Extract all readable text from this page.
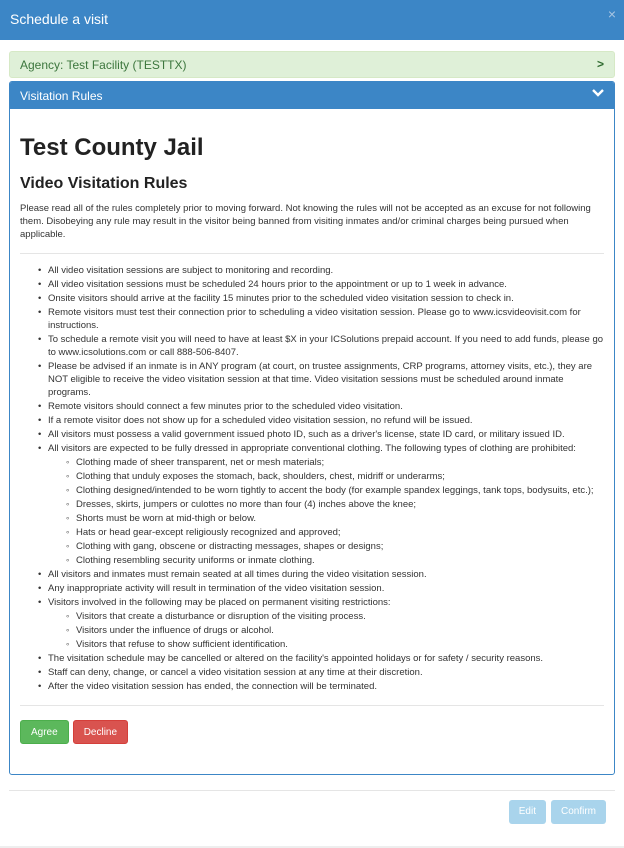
Schedule a visit	×
Agency: Test Facility (TESTTX)	>
Visitation Rules
Test County Jail
Video Visitation Rules

Please read all of the rules completely prior to moving forward. Not knowing the rules will not be accepted as an excuse for not following them. Disobeying any rule may result in the visitor being banned from visiting inmates and/or criminal charges being pursued when applicable.

• All video visitation sessions are subject to monitoring and recording.
• All video visitation sessions must be scheduled 24 hours prior to the appointment or up to 1 week in advance.
• Onsite visitors should arrive at the facility 15 minutes prior to the scheduled video visitation session to check in.
• Remote visitors must test their connection prior to scheduling a video visitation session. Please go to www.icsvideovisit.com for instructions.
• To schedule a remote visit you will need to have at least $X in your ICSolutions prepaid account. If you need to add funds, please go to www.icsolutions.com or call 888-506-8407.
• Please be advised if an inmate is in ANY program (at court, on trustee assignments, CRP programs, attorney visits, etc.), they are NOT eligible to receive the video visitation session at that time. Video visitation sessions must be scheduled around inmate programs.
• Remote visitors should connect a few minutes prior to the scheduled video visitation.
• If a remote visitor does not show up for a scheduled video visitation session, no refund will be issued.
• All visitors must possess a valid government issued photo ID, such as a driver's license, state ID card, or military issued ID.
• All visitors are expected to be fully dressed in appropriate conventional clothing. The following types of clothing are prohibited:
◦ Clothing made of sheer transparent, net or mesh materials;
◦ Clothing that unduly exposes the stomach, back, shoulders, chest, midriff or underarms;
◦ Clothing designed/intended to be worn tightly to accent the body (for example spandex leggings, tank tops, bodysuits, etc.);
◦ Dresses, skirts, jumpers or culottes no more than four (4) inches above the knee;
◦ Shorts must be worn at mid-thigh or below.
◦ Hats or head gear-except religiously recognized and approved;
◦ Clothing with gang, obscene or distracting messages, shapes or designs;
◦ Clothing resembling security uniforms or inmate clothing.
• All visitors and inmates must remain seated at all times during the video visitation session.
• Any inappropriate activity will result in termination of the video visitation session.
• Visitors involved in the following may be placed on permanent visiting restrictions:
◦ Visitors that create a disturbance or disruption of the visiting process.
◦ Visitors under the influence of drugs or alcohol.
◦ Visitors that refuse to show sufficient identification.
• The visitation schedule may be cancelled or altered on the facility's appointed holidays or for safety / security reasons.
• Staff can deny, change, or cancel a video visitation session at any time at their discretion.
• After the video visitation session has ended, the connection will be terminated.
Agree	Decline
Edit	Confirm
